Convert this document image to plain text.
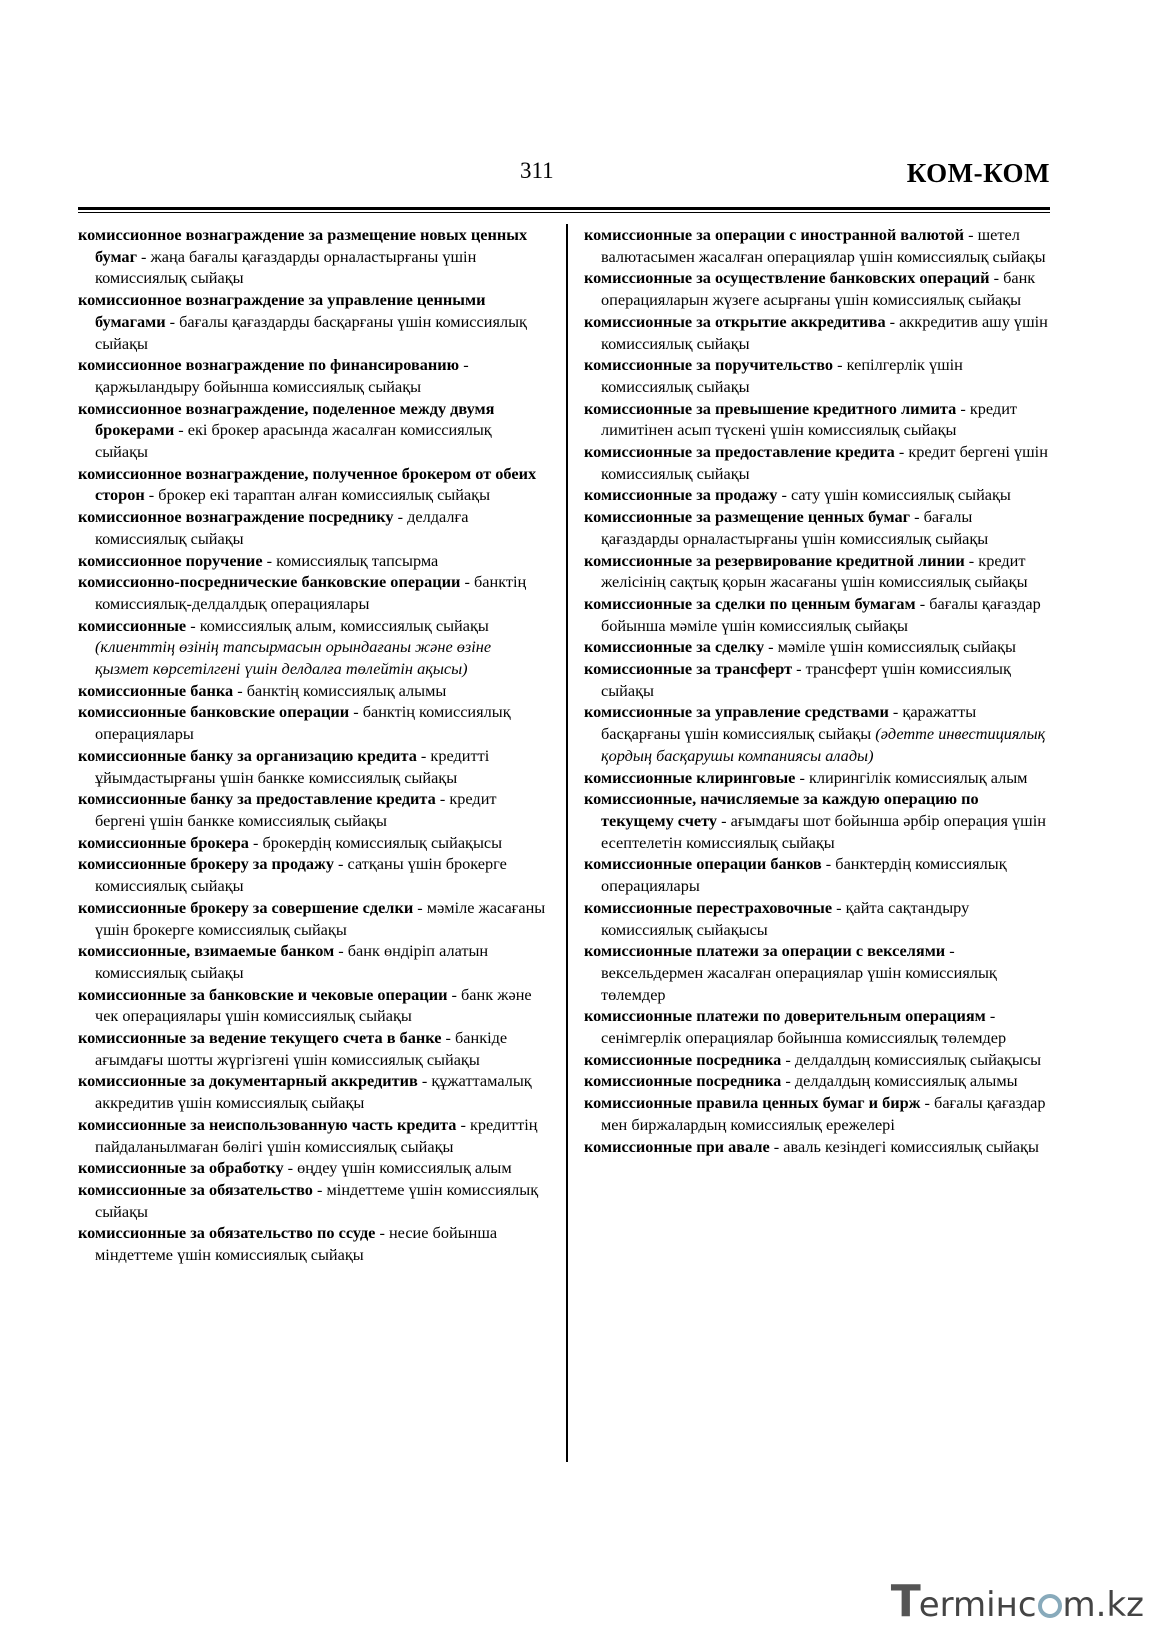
311	КОМ-КОМ

комиссионное вознаграждение за размещение новых ценных бумаг - жаңа бағалы қағаздарды орналастырғаны үшін комиссиялық сыйақы

комиссионное вознаграждение за управление ценными бумагами - бағалы қағаздарды басқарғаны үшін комиссиялық сыйақы

комиссионное вознаграждение по финансированию - қаржыландыру бойынша комиссиялық сыйақы

комиссионное вознаграждение, поделенное между двумя брокерами - екі брокер арасында жасалған комиссиялық сыйақы

комиссионное вознаграждение, полученное брокером от обеих сторон - брокер екі тараптан алған комиссиялық сыйақы

комиссионное вознаграждение посреднику - делдалға комиссиялық сыйақы

комиссионное поручение - комиссиялық тапсырма

комиссионно-посреднические банковские операции - банктің комиссиялық-делдалдық операциялары

комиссионные - комиссиялық алым, комиссиялық сыйақы (клиенттің өзінің тапсырмасын орындағаны және өзіне қызмет көрсетілгені үшін делдалға төлейтін ақысы)

комиссионные банка - банктің комиссиялық алымы

комиссионные банковские операции - банктің комиссиялық операциялары

комиссионные банку за организацию кредита - кредитті ұйымдастырғаны үшін банкке комиссиялық сыйақы

комиссионные банку за предоставление кредита - кредит бергені үшін банкке комиссиялық сыйақы

комиссионные брокера - брокердің комиссиялық сыйақысы

комиссионные брокеру за продажу - сатқаны үшін брокерге комиссиялық сыйақы

комиссионные брокеру за совершение сделки - мәміле жасағаны үшін брокерге комиссиялық сыйақы

комиссионные, взимаемые банком - банк өндіріп алатын комиссиялық сыйақы

комиссионные за банковские и чековые операции - банк және чек операциялары үшін комиссиялық сыйақы

комиссионные за ведение текущего счета в банке - банкіде ағымдағы шотты жүргізгені үшін комиссиялық сыйақы

комиссионные за документарный аккредитив - құжаттамалық аккредитив үшін комиссиялық сыйақы

комиссионные за неиспользованную часть кредита - кредиттің пайдаланылмаған бөлігі үшін комиссиялық сыйақы

комиссионные за обработку - өңдеу үшін комиссиялық алым

комиссионные за обязательство - міндеттеме үшін комиссиялық сыйақы

комиссионные за обязательство по ссуде - несие бойынша міндеттеме үшін комиссиялық сыйақы

комиссионные за операции с иностранной валютой - шетел валютасымен жасалған операциялар үшін комиссиялық сыйақы

комиссионные за осуществление банковских операций - банк операцияларын жүзеге асырғаны үшін комиссиялық сыйақы

комиссионные за открытие аккредитива - аккредитив ашу үшін комиссиялық сыйақы

комиссионные за поручительство - кепілгерлік үшін комиссиялық сыйақы

комиссионные за превышение кредитного лимита - кредит лимитінен асып түскені үшін комиссиялық сыйақы

комиссионные за предоставление кредита - кредит бергені үшін комиссиялық сыйақы

комиссионные за продажу - сату үшін комиссиялық сыйақы

комиссионные за размещение ценных бумаг - бағалы қағаздарды орналастырғаны үшін комиссиялық сыйақы

комиссионные за резервирование кредитной линии - кредит желісінің сақтық қорын жасағаны үшін комиссиялық сыйақы

комиссионные за сделки по ценным бумагам - бағалы қағаздар бойынша мәміле үшін комиссиялық сыйақы

комиссионные за сделку - мәміле үшін комиссиялық сыйақы

комиссионные за трансферт - трансферт үшін комиссиялық сыйақы

комиссионные за управление средствами - қаражатты басқарғаны үшін комиссиялық сыйақы (әдетте инвестициялық қордың басқарушы компаниясы алады)

комиссионные клиринговые - клирингілік комиссиялық алым

комиссионные, начисляемые за каждую операцию по текущему счету - ағымдағы шот бойынша әрбір операция үшін есептелетін комиссиялық сыйақы

комиссионные операции банков - банктердің комиссиялық операциялары

комиссионные перестраховочные - қайта сақтандыру комиссиялық сыйақысы

комиссионные платежи за операции с векселями - вексельдермен жасалған операциялар үшін комиссиялық төлемдер

комиссионные платежи по доверительным операциям - сенімгерлік операциялар бойынша комиссиялық төлемдер

комиссионные посредника - делдалдың комиссиялық сыйақысы

комиссионные посредника - делдалдың комиссиялық алымы

комиссионные правила ценных бумаг и бирж - бағалы қағаздар мен биржалардың комиссиялық ережелері

комиссионные при авале - аваль кезіндегі комиссиялық сыйақы

T
ermінc m.kz
